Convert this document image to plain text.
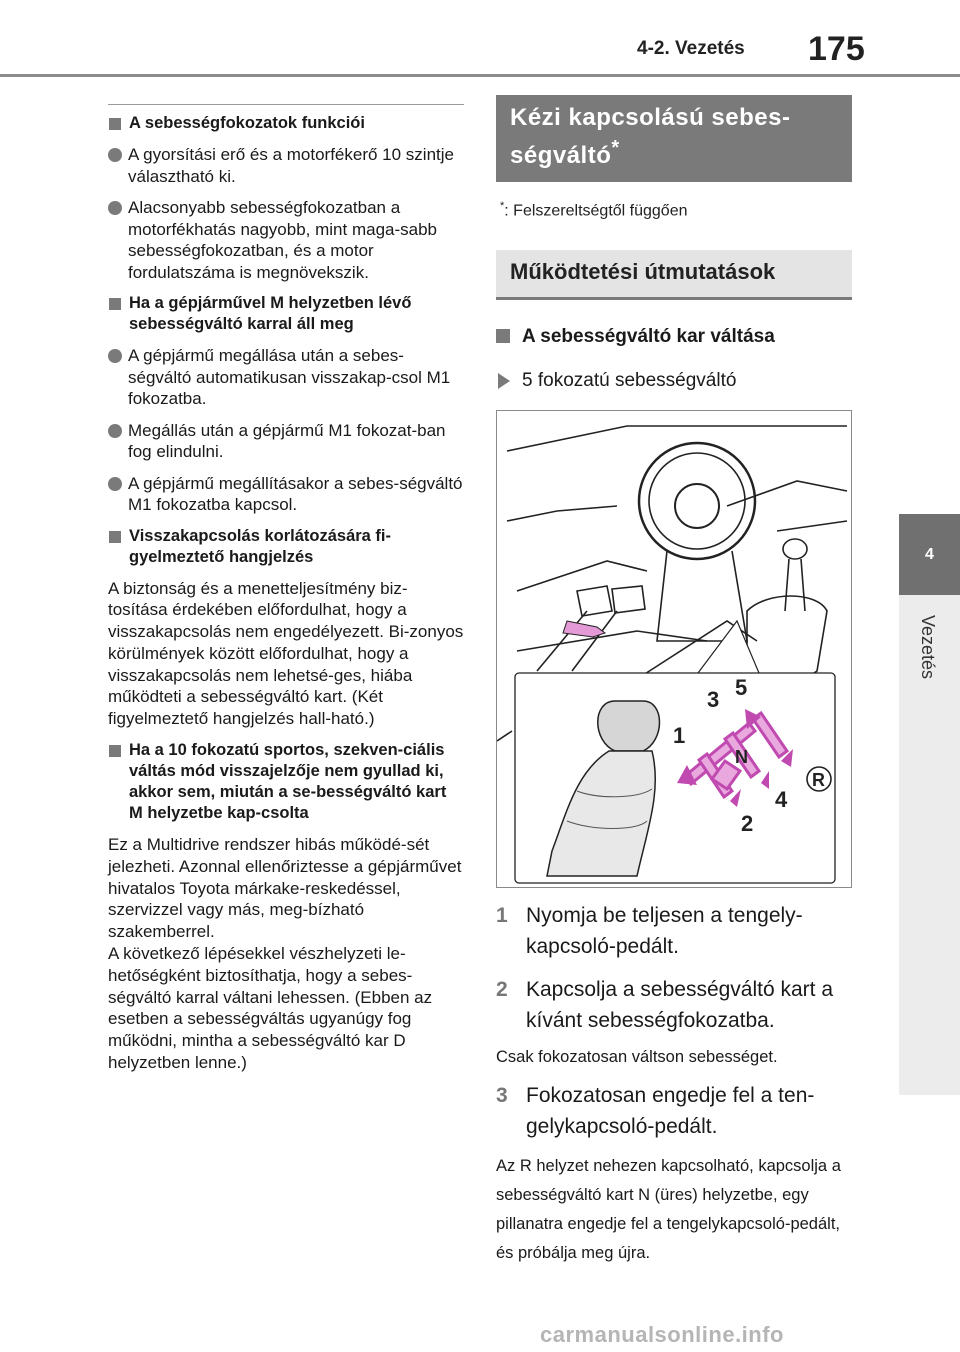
4-2. Vezetés 175
4
Vezetés
A sebességfokozatok funkciói
A gyorsítási erő és a motorfékerő 10 szintje választható ki.
Alacsonyabb sebességfokozatban a motorfékhatás nagyobb, mint maga-sabb sebességfokozatban, és a motor fordulatszáma is megnövekszik.
Ha a gépjárművel M helyzetben lévő sebességváltó karral áll meg
A gépjármű megállása után a sebes-ségváltó automatikusan visszakap-csol M1 fokozatba.
Megállás után a gépjármű M1 fokozat-ban fog elindulni.
A gépjármű megállításakor a sebes-ségváltó M1 fokozatba kapcsol.
Visszakapcsolás korlátozására fi-gyelmeztető hangjelzés
A biztonság és a menetteljesítmény biz-tosítása érdekében előfordulhat, hogy a visszakapcsolás nem engedélyezett. Bi-zonyos körülmények között előfordulhat, hogy a visszakapcsolás nem lehetsé-ges, hiába működteti a sebességváltó kart. (Két figyelmeztető hangjelzés hall-ható.)
Ha a 10 fokozatú sportos, szekven-ciális váltás mód visszajelzője nem gyullad ki, akkor sem, miután a se-bességváltó kart M helyzetbe kap-csolta
Ez a Multidrive rendszer hibás működé-sét jelezheti. Azonnal ellenőriztesse a gépjárművet hivatalos Toyota márkake-reskedéssel, szervizzel vagy más, meg-bízható szakemberrel.
A következő lépésekkel vészhelyzeti le-hetőségként biztosíthatja, hogy a sebes-ségváltó karral váltani lehessen. (Ebben az esetben a sebességváltás ugyanúgy fog működni, mintha a sebességváltó kar D helyzetben lenne.)
Kézi kapcsolású sebes-ségváltó*
*: Felszereltségtől függően
Működtetési útmutatások
A sebességváltó kar váltása
5 fokozatú sebességváltó
1
3 5
2
4
N
R
1 Nyomja be teljesen a tengely-kapcsoló-pedált.
2 Kapcsolja a sebességváltó kart a kívánt sebességfokozatba.
Csak fokozatosan váltson sebességet.
3 Fokozatosan engedje fel a ten-gelykapcsoló-pedált.
Az R helyzet nehezen kapcsolható, kapcsolja a sebességváltó kart N (üres) helyzetbe, egy pillanatra engedje fel a tengelykapcsoló-pedált, és próbálja meg újra.
carmanualsonline.info
